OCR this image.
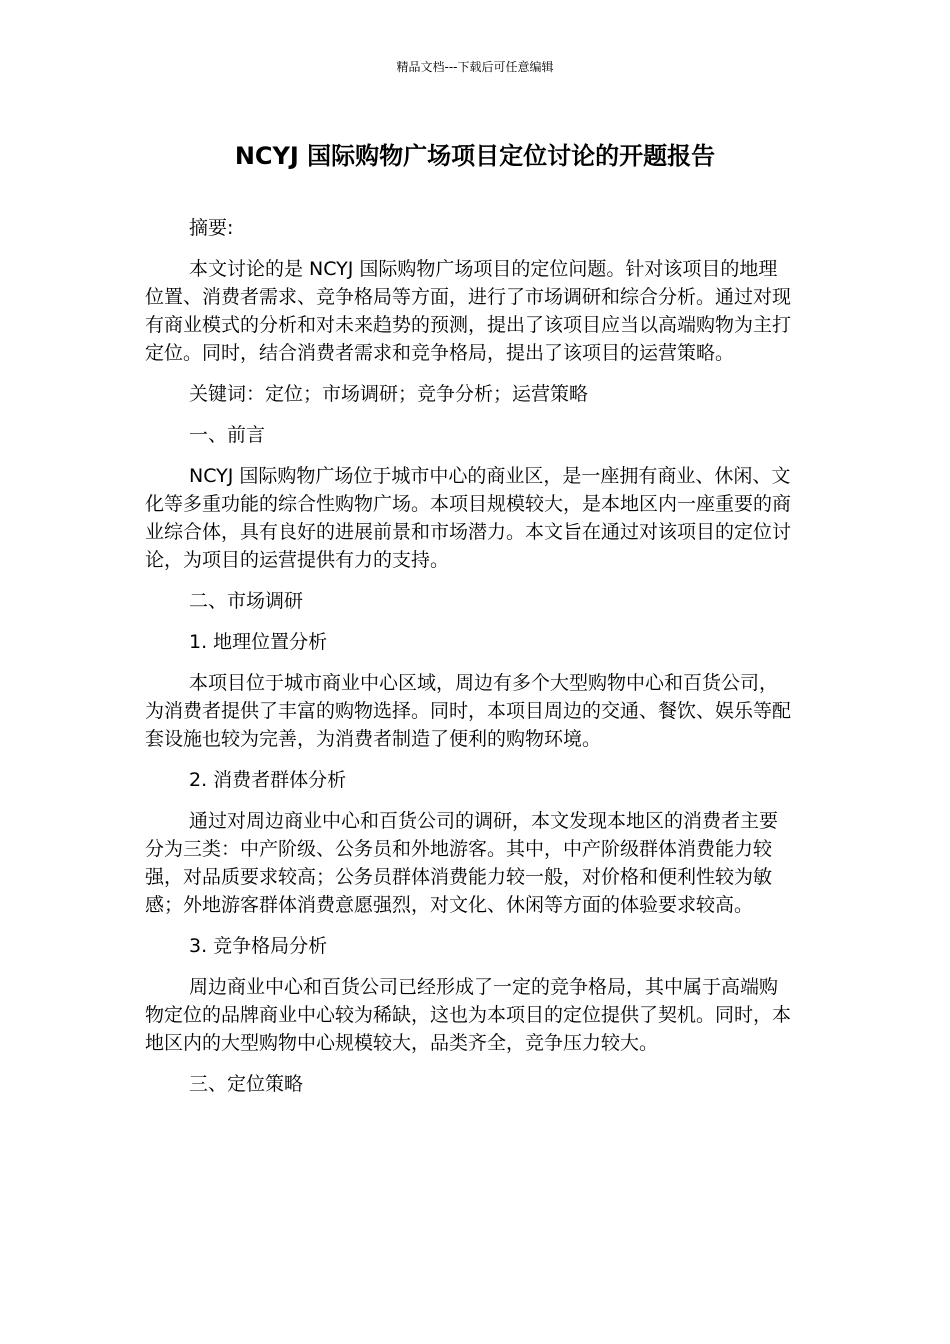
精品文档---下载后可任意编辑
NCYJ 国际购物广场项目定位讨论的开题报告

摘要:

本文讨论的是 NCYJ 国际购物广场项目的定位问题。针对该项目的地理位置、消费者需求、竞争格局等方面，进行了市场调研和综合分析。通过对现有商业模式的分析和对未来趋势的预测，提出了该项目应当以高端购物为主打定位。同时，结合消费者需求和竞争格局，提出了该项目的运营策略。

关键词：定位；市场调研；竞争分析；运营策略

一、前言

NCYJ 国际购物广场位于城市中心的商业区，是一座拥有商业、休闲、文化等多重功能的综合性购物广场。本项目规模较大，是本地区内一座重要的商业综合体，具有良好的进展前景和市场潜力。本文旨在通过对该项目的定位讨论，为项目的运营提供有力的支持。

二、市场调研

1. 地理位置分析

本项目位于城市商业中心区域，周边有多个大型购物中心和百货公司，为消费者提供了丰富的购物选择。同时，本项目周边的交通、餐饮、娱乐等配套设施也较为完善，为消费者制造了便利的购物环境。

2. 消费者群体分析

通过对周边商业中心和百货公司的调研，本文发现本地区的消费者主要分为三类：中产阶级、公务员和外地游客。其中，中产阶级群体消费能力较强，对品质要求较高；公务员群体消费能力较一般，对价格和便利性较为敏感；外地游客群体消费意愿强烈，对文化、休闲等方面的体验要求较高。

3. 竞争格局分析

周边商业中心和百货公司已经形成了一定的竞争格局，其中属于高端购物定位的品牌商业中心较为稀缺，这也为本项目的定位提供了契机。同时，本地区内的大型购物中心规模较大，品类齐全，竞争压力较大。

三、定位策略
